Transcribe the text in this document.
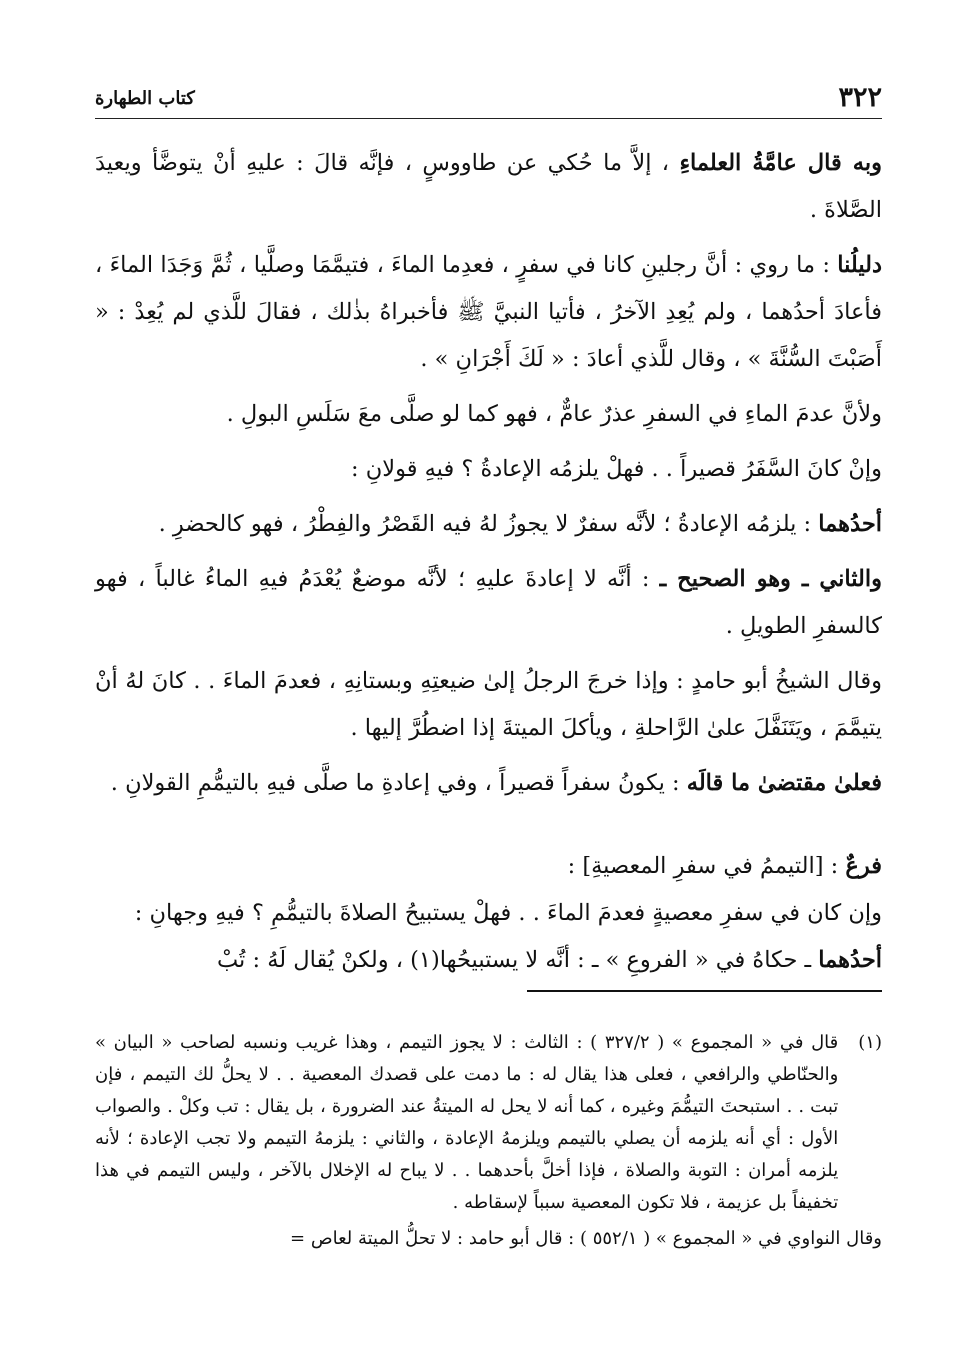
٣٢٢
كتاب الطهارة

وبه قال عامَّةُ العلماءِ ، إلاَّ ما حُكي عن طاووسٍ ، فإنَّه قالَ : عليهِ أنْ يتوضَّأ ويعيدَ الصَّلاةَ .

دليلُنا : ما روي : أنَّ رجلينِ كانا في سفرٍ ، فعدِما الماءَ ، فتيمَّمَا وصلَّيا ، ثُمَّ وَجَدَا الماءَ ، فأعادَ أحدُهما ، ولم يُعِدِ الآخرُ ، فأتيا النبيَّ ﷺ فأخبراهُ بذٰلك ، فقالَ للَّذي لم يُعِدْ : « أَصَبْتَ السُّنَّةَ » ، وقال للَّذي أعادَ : « لَكَ أَجْرَانِ » .

ولأنَّ عدمَ الماءِ في السفرِ عذرٌ عامٌّ ، فهو كما لو صلَّى معَ سَلَسِ البولِ .

وإنْ كانَ السَّفَرُ قصيراً . . فهلْ يلزمُه الإعادةُ ؟ فيهِ قولانِ :

أحدُهما : يلزمُه الإعادةُ ؛ لأنَّه سفرٌ لا يجوزُ لهُ فيه القَصْرُ والفِطْرُ ، فهو كالحضرِ .

والثاني ـ وهو الصحيح ـ : أنَّه لا إعادةَ عليهِ ؛ لأنَّه موضعٌ يُعْدَمُ فيهِ الماءُ غالباً ، فهو كالسفرِ الطويلِ .

وقال الشيخُ أبو حامدٍ : وإذا خرجَ الرجلُ إلىٰ ضيعتِهِ وبستانِهِ ، فعدمَ الماءَ . . كانَ لهُ أنْ يتيمَّمَ ، ويَتَنَفَّلَ علىٰ الرَّاحلةِ ، ويأكلَ الميتةَ إذا اضطُرَّ إليها .

فعلىٰ مقتضىٰ ما قالَه : يكونُ سفراً قصيراً ، وفي إعادةِ ما صلَّى فيهِ بالتيمُّمِ القولانِ .

فرعٌ : [التيممُ في سفرِ المعصيةِ] :

وإن كان في سفرِ معصيةٍ فعدمَ الماءَ . . فهلْ يستبيحُ الصلاةَ بالتيمُّمِ ؟ فيهِ وجهانِ :

أحدُهما ـ حكاهُ في « الفروعِ » ـ : أنَّه لا يستبيحُها(١) ، ولكنْ يُقال لَهُ : تُبْ

(١)
قال في « المجموع » ( ٣٢٧/٢ ) : الثالث : لا يجوز التيمم ، وهذا غريب ونسبه لصاحب « البيان » والحنّاطي والرافعي ، فعلى هذا يقال له : ما دمت على قصدك المعصية . . لا يحلُّ لك التيمم ، فإن تبت . . استبحتَ التيمُّمَ وغيره ، كما أنه لا يحل له الميتةُ عند الضرورة ، بل يقال : تب وكلْ . والصواب الأول : أي أنه يلزمه أن يصلي بالتيمم ويلزمهُ الإعادة ، والثاني : يلزمهُ التيمم ولا تجب الإعادة ؛ لأنه يلزمه أمران : التوبة والصلاة ، فإذا أخلَّ بأحدهما . . لا يباح له الإخلال بالآخر ، وليس التيمم في هذا تخفيفاً بل عزيمة ، فلا تكون المعصية سبباً لإسقاطه .
وقال النواوي في « المجموع » ( ٥٥٢/١ ) : قال أبو حامد : لا تحلُّ الميتة لعاص =
